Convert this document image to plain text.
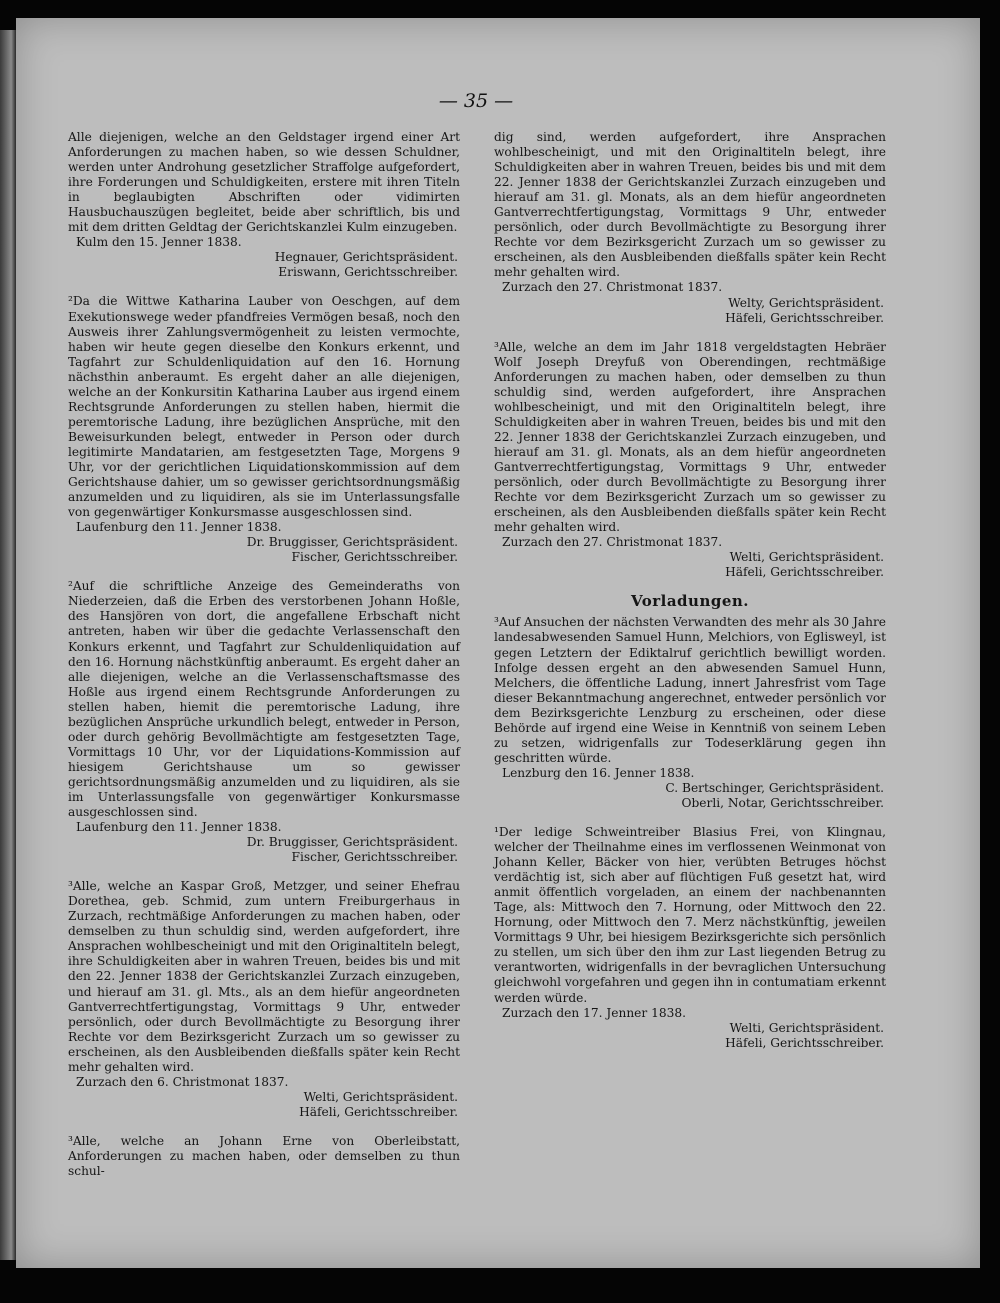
— 35 —

Alle diejenigen, welche an den Geldstager irgend einer Art Anforderungen zu machen haben, so wie dessen Schuldner, werden unter Androhung gesetzlicher Straffolge aufgefordert, ihre Forderungen und Schuldigkeiten, erstere mit ihren Titeln in beglaubigten Abschriften oder vidimirten Hausbuchauszügen begleitet, beide aber schriftlich, bis und mit dem dritten Geldtag der Gerichtskanzlei Kulm einzugeben.

Kulm den 15. Jenner 1838.

Hegnauer, Gerichtspräsident.

Eriswann, Gerichtsschreiber.

²Da die Wittwe Katharina Lauber von Oeschgen, auf dem Exekutionswege weder pfandfreies Vermögen besaß, noch den Ausweis ihrer Zahlungsvermögenheit zu leisten vermochte, haben wir heute gegen dieselbe den Konkurs erkennt, und Tagfahrt zur Schuldenliquidation auf den 16. Hornung nächsthin anberaumt. Es ergeht daher an alle diejenigen, welche an der Konkursitin Katharina Lauber aus irgend einem Rechtsgrunde Anforderungen zu stellen haben, hiermit die peremtorische Ladung, ihre bezüglichen Ansprüche, mit den Beweisurkunden belegt, entweder in Person oder durch legitimirte Mandatarien, am festgesetzten Tage, Morgens 9 Uhr, vor der gerichtlichen Liquidationskommission auf dem Gerichtshause dahier, um so gewisser gerichtsordnungsmäßig anzumelden und zu liquidiren, als sie im Unterlassungsfalle von gegenwärtiger Konkursmasse ausgeschlossen sind.

Laufenburg den 11. Jenner 1838.

Dr. Bruggisser, Gerichtspräsident.

Fischer, Gerichtsschreiber.

²Auf die schriftliche Anzeige des Gemeinderaths von Niederzeien, daß die Erben des verstorbenen Johann Hoßle, des Hansjören von dort, die angefallene Erbschaft nicht antreten, haben wir über die gedachte Verlassenschaft den Konkurs erkennt, und Tagfahrt zur Schuldenliquidation auf den 16. Hornung nächstkünftig anberaumt. Es ergeht daher an alle diejenigen, welche an die Verlassenschaftsmasse des Hoßle aus irgend einem Rechtsgrunde Anforderungen zu stellen haben, hiemit die peremtorische Ladung, ihre bezüglichen Ansprüche urkundlich belegt, entweder in Person, oder durch gehörig Bevollmächtigte am festgesetzten Tage, Vormittags 10 Uhr, vor der Liquidations-Kommission auf hiesigem Gerichtshause um so gewisser gerichtsordnungsmäßig anzumelden und zu liquidiren, als sie im Unterlassungsfalle von gegenwärtiger Konkursmasse ausgeschlossen sind.

Laufenburg den 11. Jenner 1838.

Dr. Bruggisser, Gerichtspräsident.

Fischer, Gerichtsschreiber.

³Alle, welche an Kaspar Groß, Metzger, und seiner Ehefrau Dorethea, geb. Schmid, zum untern Freiburgerhaus in Zurzach, rechtmäßige Anforderungen zu machen haben, oder demselben zu thun schuldig sind, werden aufgefordert, ihre Ansprachen wohlbescheinigt und mit den Originaltiteln belegt, ihre Schuldigkeiten aber in wahren Treuen, beides bis und mit den 22. Jenner 1838 der Gerichtskanzlei Zurzach einzugeben, und hierauf am 31. gl. Mts., als an dem hiefür angeordneten Gantverrechtfertigungstag, Vormittags 9 Uhr, entweder persönlich, oder durch Bevollmächtigte zu Besorgung ihrer Rechte vor dem Bezirksgericht Zurzach um so gewisser zu erscheinen, als den Ausbleibenden dießfalls später kein Recht mehr gehalten wird.

Zurzach den 6. Christmonat 1837.

Welti, Gerichtspräsident.

Häfeli, Gerichtsschreiber.

³Alle, welche an Johann Erne von Oberleibstatt, Anforderungen zu machen haben, oder demselben zu thun schul-

dig sind, werden aufgefordert, ihre Ansprachen wohlbescheinigt, und mit den Originaltiteln belegt, ihre Schuldigkeiten aber in wahren Treuen, beides bis und mit dem 22. Jenner 1838 der Gerichtskanzlei Zurzach einzugeben und hierauf am 31. gl. Monats, als an dem hiefür angeordneten Gantverrechtfertigungstag, Vormittags 9 Uhr, entweder persönlich, oder durch Bevollmächtigte zu Besorgung ihrer Rechte vor dem Bezirksgericht Zurzach um so gewisser zu erscheinen, als den Ausbleibenden dießfalls später kein Recht mehr gehalten wird.

Zurzach den 27. Christmonat 1837.

Welty, Gerichtspräsident.

Häfeli, Gerichtsschreiber.

³Alle, welche an dem im Jahr 1818 vergeldstagten Hebräer Wolf Joseph Dreyfuß von Oberendingen, rechtmäßige Anforderungen zu machen haben, oder demselben zu thun schuldig sind, werden aufgefordert, ihre Ansprachen wohlbescheinigt, und mit den Originaltiteln belegt, ihre Schuldigkeiten aber in wahren Treuen, beides bis und mit den 22. Jenner 1838 der Gerichtskanzlei Zurzach einzugeben, und hierauf am 31. gl. Monats, als an dem hiefür angeordneten Gantverrechtfertigungstag, Vormittags 9 Uhr, entweder persönlich, oder durch Bevollmächtigte zu Besorgung ihrer Rechte vor dem Bezirksgericht Zurzach um so gewisser zu erscheinen, als den Ausbleibenden dießfalls später kein Recht mehr gehalten wird.

Zurzach den 27. Christmonat 1837.

Welti, Gerichtspräsident.

Häfeli, Gerichtsschreiber.

Vorladungen.

³Auf Ansuchen der nächsten Verwandten des mehr als 30 Jahre landesabwesenden Samuel Hunn, Melchiors, von Eglisweyl, ist gegen Letztern der Ediktalruf gerichtlich bewilligt worden. Infolge dessen ergeht an den abwesenden Samuel Hunn, Melchers, die öffentliche Ladung, innert Jahresfrist vom Tage dieser Bekanntmachung angerechnet, entweder persönlich vor dem Bezirksgerichte Lenzburg zu erscheinen, oder diese Behörde auf irgend eine Weise in Kenntniß von seinem Leben zu setzen, widrigenfalls zur Todeserklärung gegen ihn geschritten würde.

Lenzburg den 16. Jenner 1838.

C. Bertschinger, Gerichtspräsident.

Oberli, Notar, Gerichtsschreiber.

¹Der ledige Schweintreiber Blasius Frei, von Klingnau, welcher der Theilnahme eines im verflossenen Weinmonat von Johann Keller, Bäcker von hier, verübten Betruges höchst verdächtig ist, sich aber auf flüchtigen Fuß gesetzt hat, wird anmit öffentlich vorgeladen, an einem der nachbenannten Tage, als: Mittwoch den 7. Hornung, oder Mittwoch den 22. Hornung, oder Mittwoch den 7. Merz nächstkünftig, jeweilen Vormittags 9 Uhr, bei hiesigem Bezirksgerichte sich persönlich zu stellen, um sich über den ihm zur Last liegenden Betrug zu verantworten, widrigenfalls in der bevraglichen Untersuchung gleichwohl vorgefahren und gegen ihn in contumatiam erkennt werden würde.

Zurzach den 17. Jenner 1838.

Welti, Gerichtspräsident.

Häfeli, Gerichtsschreiber.
